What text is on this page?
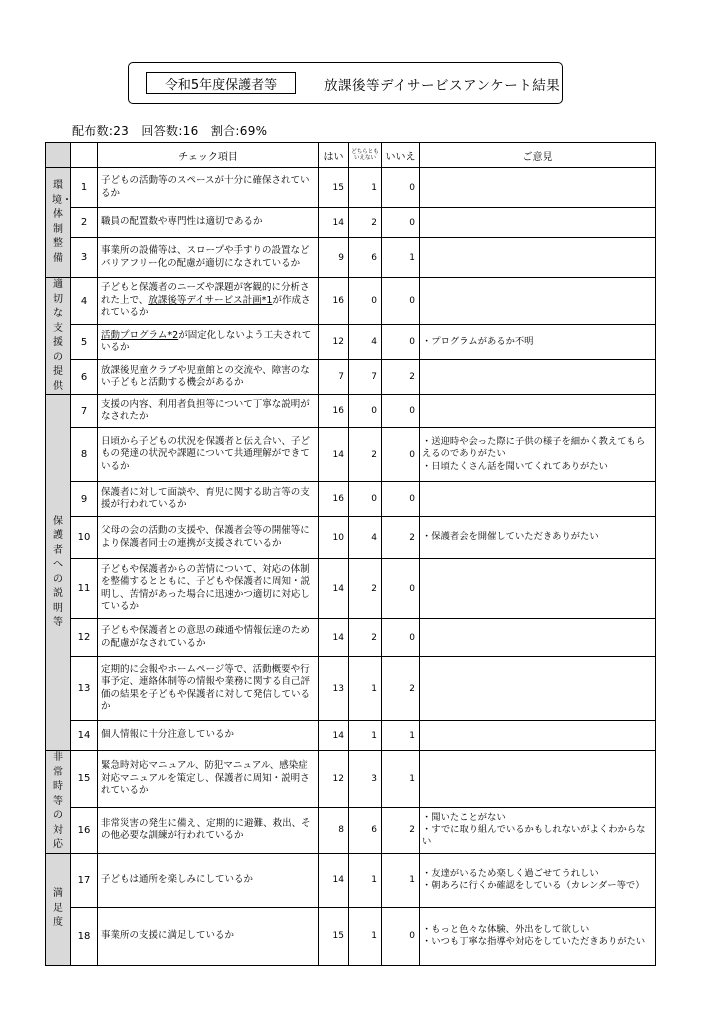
令和5年度保護者等	放課後等デイサービスアンケート結果
配布数:23　回答数:16　割合:69%
		チェック項目	はい	どちらともいえない	いいえ	ご意見
環境・体制整備	1	子どもの活動等のスペースが十分に確保されているか	15	1	0	
	2	職員の配置数や専門性は適切であるか	14	2	0	
	3	事業所の設備等は、スロープや手すりの設置などバリアフリー化の配慮が適切になされているか	9	6	1	
適切な支援の提供	4	子どもと保護者のニーズや課題が客観的に分析された上で、放課後等デイサービス計画*1が作成されているか	16	0	0	
	5	活動プログラム*2が固定化しないよう工夫されているか	12	4	0	・プログラムがあるか不明
	6	放課後児童クラブや児童館との交流や、障害のない子どもと活動する機会があるか	7	7	2	
保護者への説明等	7	支援の内容、利用者負担等について丁寧な説明がなされたか	16	0	0	
	8	日頃から子どもの状況を保護者と伝え合い、子どもの発達の状況や課題について共通理解ができているか	14	2	0	・送迎時や会った際に子供の様子を細かく教えてもらえるのでありがたい
・日頃たくさん話を聞いてくれてありがたい
	9	保護者に対して面談や、育児に関する助言等の支援が行われているか	16	0	0	
	10	父母の会の活動の支援や、保護者会等の開催等により保護者同士の連携が支援されているか	10	4	2	・保護者会を開催していただきありがたい
	11	子どもや保護者からの苦情について、対応の体制を整備するとともに、子どもや保護者に周知・説明し、苦情があった場合に迅速かつ適切に対応しているか	14	2	0	
	12	子どもや保護者との意思の疎通や情報伝達のための配慮がなされているか	14	2	0	
	13	定期的に会報やホームページ等で、活動概要や行事予定、連絡体制等の情報や業務に関する自己評価の結果を子どもや保護者に対して発信しているか	13	1	2	
	14	個人情報に十分注意しているか	14	1	1	
非常時等の対応	15	緊急時対応マニュアル、防犯マニュアル、感染症対応マニュアルを策定し、保護者に周知・説明されているか	12	3	1	
	16	非常災害の発生に備え、定期的に避難、救出、その他必要な訓練が行われているか	8	6	2	・聞いたことがない
・すでに取り組んでいるかもしれないがよくわからない
満足度	17	子どもは通所を楽しみにしているか	14	1	1	・友達がいるため楽しく過ごせてうれしい
・朝あろに行くか確認をしている（カレンダー等で）
	18	事業所の支援に満足しているか	15	1	0	・もっと色々な体験、外出をして欲しい
・いつも丁寧な指導や対応をしていただきありがたい
